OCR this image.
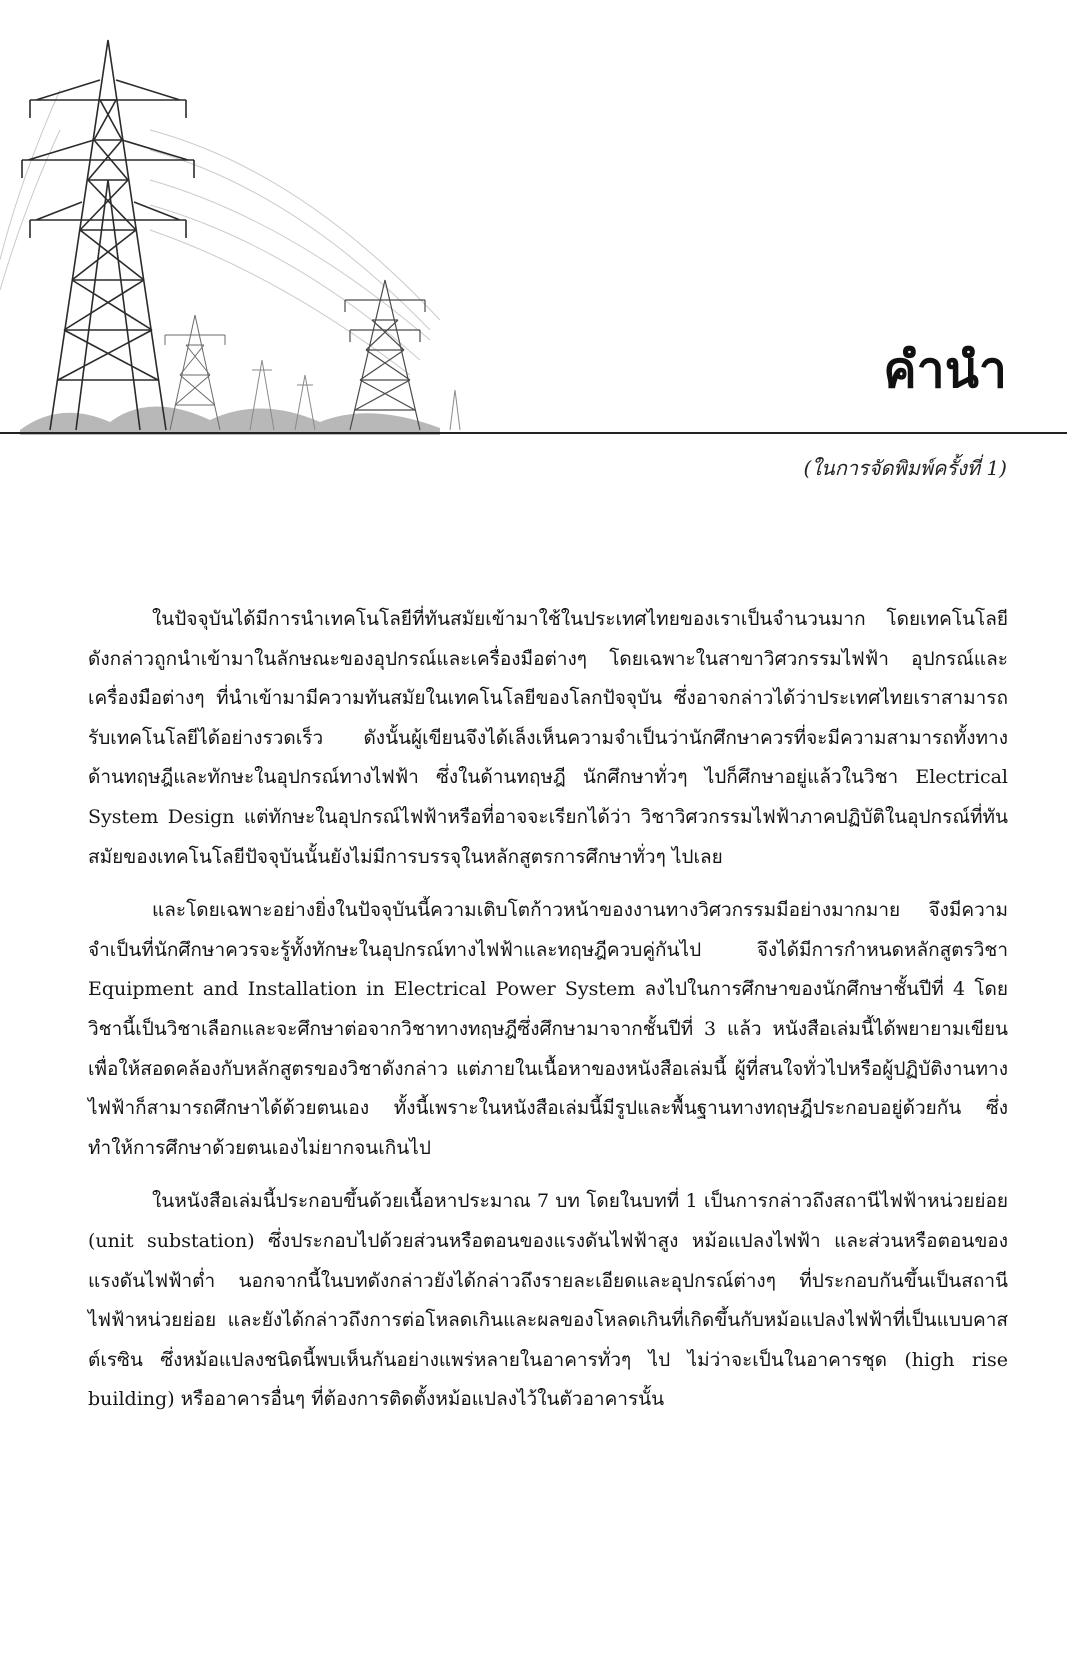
คำนำ

(ในการจัดพิมพ์ครั้งที่ 1)

ในปัจจุบันได้มีการนำเทคโนโลยีที่ทันสมัยเข้ามาใช้ในประเทศไทยของเราเป็นจำนวนมาก โดยเทคโนโลยีดังกล่าวถูกนำเข้ามาในลักษณะของอุปกรณ์และเครื่องมือต่างๆ โดยเฉพาะในสาขาวิศวกรรมไฟฟ้า อุปกรณ์และเครื่องมือต่างๆ ที่นำเข้ามามีความทันสมัยในเทคโนโลยีของโลกปัจจุบัน ซึ่งอาจกล่าวได้ว่าประเทศไทยเราสามารถรับเทคโนโลยีได้อย่างรวดเร็ว ดังนั้นผู้เขียนจึงได้เล็งเห็นความจำเป็นว่านักศึกษาควรที่จะมีความสามารถทั้งทางด้านทฤษฎีและทักษะในอุปกรณ์ทางไฟฟ้า ซึ่งในด้านทฤษฎี นักศึกษาทั่วๆ ไปก็ศึกษาอยู่แล้วในวิชา Electrical System Design แต่ทักษะในอุปกรณ์ไฟฟ้าหรือที่อาจจะเรียกได้ว่า วิชาวิศวกรรมไฟฟ้าภาคปฏิบัติในอุปกรณ์ที่ทันสมัยของเทคโนโลยีปัจจุบันนั้นยังไม่มีการบรรจุในหลักสูตรการศึกษาทั่วๆ ไปเลย

และโดยเฉพาะอย่างยิ่งในปัจจุบันนี้ความเติบโตก้าวหน้าของงานทางวิศวกรรมมีอย่างมากมาย จึงมีความจำเป็นที่นักศึกษาควรจะรู้ทั้งทักษะในอุปกรณ์ทางไฟฟ้าและทฤษฎีควบคู่กันไป จึงได้มีการกำหนดหลักสูตรวิชา Equipment and Installation in Electrical Power System ลงไปในการศึกษาของนักศึกษาชั้นปีที่ 4 โดยวิชานี้เป็นวิชาเลือกและจะศึกษาต่อจากวิชาทางทฤษฎีซึ่งศึกษามาจากชั้นปีที่ 3 แล้ว หนังสือเล่มนี้ได้พยายามเขียนเพื่อให้สอดคล้องกับหลักสูตรของวิชาดังกล่าว แต่ภายในเนื้อหาของหนังสือเล่มนี้ ผู้ที่สนใจทั่วไปหรือผู้ปฏิบัติงานทางไฟฟ้าก็สามารถศึกษาได้ด้วยตนเอง ทั้งนี้เพราะในหนังสือเล่มนี้มีรูปและพื้นฐานทางทฤษฎีประกอบอยู่ด้วยกัน ซึ่งทำให้การศึกษาด้วยตนเองไม่ยากจนเกินไป

ในหนังสือเล่มนี้ประกอบขึ้นด้วยเนื้อหาประมาณ 7 บท โดยในบทที่ 1 เป็นการกล่าวถึงสถานีไฟฟ้าหน่วยย่อย (unit substation) ซึ่งประกอบไปด้วยส่วนหรือตอนของแรงดันไฟฟ้าสูง หม้อแปลงไฟฟ้า และส่วนหรือตอนของแรงดันไฟฟ้าต่ำ นอกจากนี้ในบทดังกล่าวยังได้กล่าวถึงรายละเอียดและอุปกรณ์ต่างๆ ที่ประกอบกันขึ้นเป็นสถานีไฟฟ้าหน่วยย่อย และยังได้กล่าวถึงการต่อโหลดเกินและผลของโหลดเกินที่เกิดขึ้นกับหม้อแปลงไฟฟ้าที่เป็นแบบคาสต์เรซิน ซึ่งหม้อแปลงชนิดนี้พบเห็นกันอย่างแพร่หลายในอาคารทั่วๆ ไป ไม่ว่าจะเป็นในอาคารชุด (high rise building) หรืออาคารอื่นๆ ที่ต้องการติดตั้งหม้อแปลงไว้ในตัวอาคารนั้น
